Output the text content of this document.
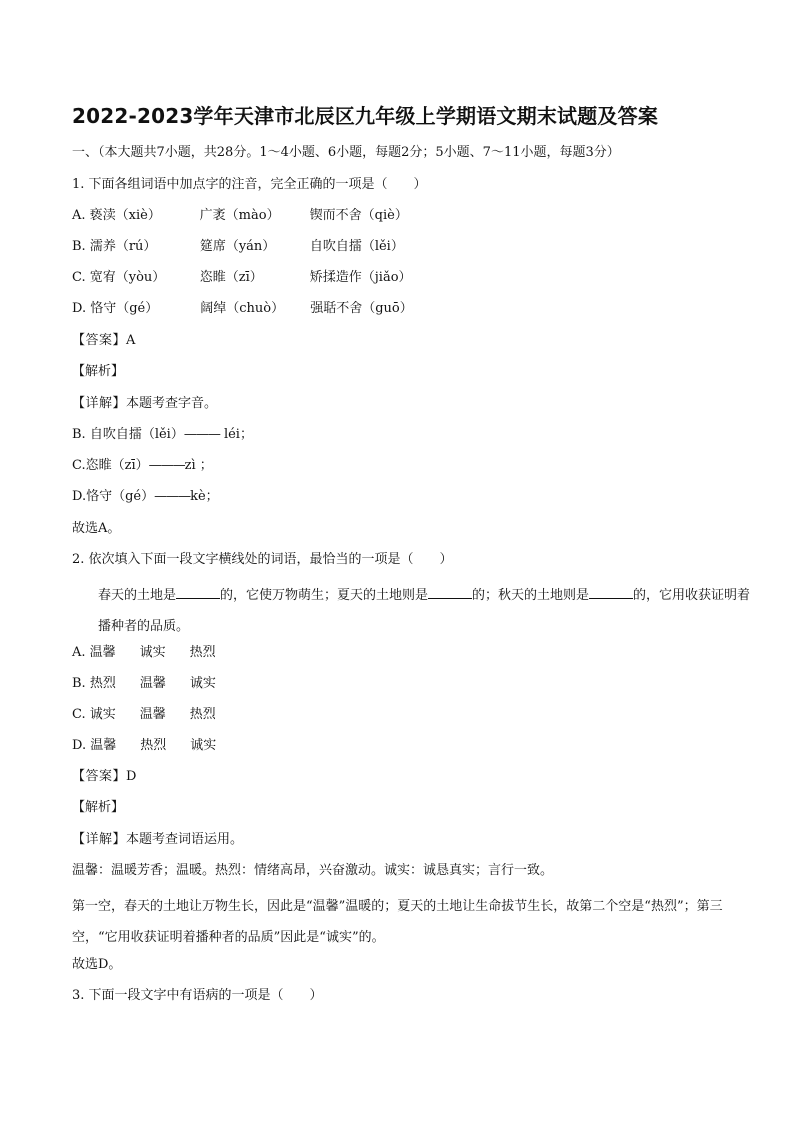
2022-2023学年天津市北辰区九年级上学期语文期末试题及答案
一、（本大题共7小题，共28分。1～4小题、6小题，每题2分；5小题、7～11小题，每题3分）
1. 下面各组词语中加点字的注音，完全正确的一项是（　　）
A. 亵渎（xiè）	广袤（mào） 锲而不舍（qiè）
B. 濡养（rú）	筵席（yán）	自吹自擂（lěi）
C. 宽宥（yòu）	恣睢（zī）	矫揉造作（jiǎo）
D. 恪守（gé）	阔绰（chuò） 强聒不舍（guō）
【答案】A
【解析】
【详解】本题考查字音。
B. 自吹自擂（lěi）——— léi；
C.恣睢（zī）———zì ；
D.恪守（gé）———kè；
故选A。
2. 依次填入下面一段文字横线处的词语，最恰当的一项是（　　）
春天的土地是	的，它使万物萌生；夏天的土地则是	的；秋天的土地则是	的，它用收获证明着播种者的品质。
A. 温馨 诚实 热烈
B. 热烈 温馨 诚实
C. 诚实 温馨 热烈
D. 温馨 热烈 诚实
【答案】D
【解析】
【详解】本题考查词语运用。
温馨：温暖芳香；温暖。热烈：情绪高昂，兴奋激动。诚实：诚恳真实；言行一致。
第一空，春天的土地让万物生长，因此是“温馨”温暖的；夏天的土地让生命拔节生长，故第二个空是“热烈”；第三空，“它用收获证明着播种者的品质”因此是“诚实”的。
故选D。
3. 下面一段文字中有语病的一项是（　　）
